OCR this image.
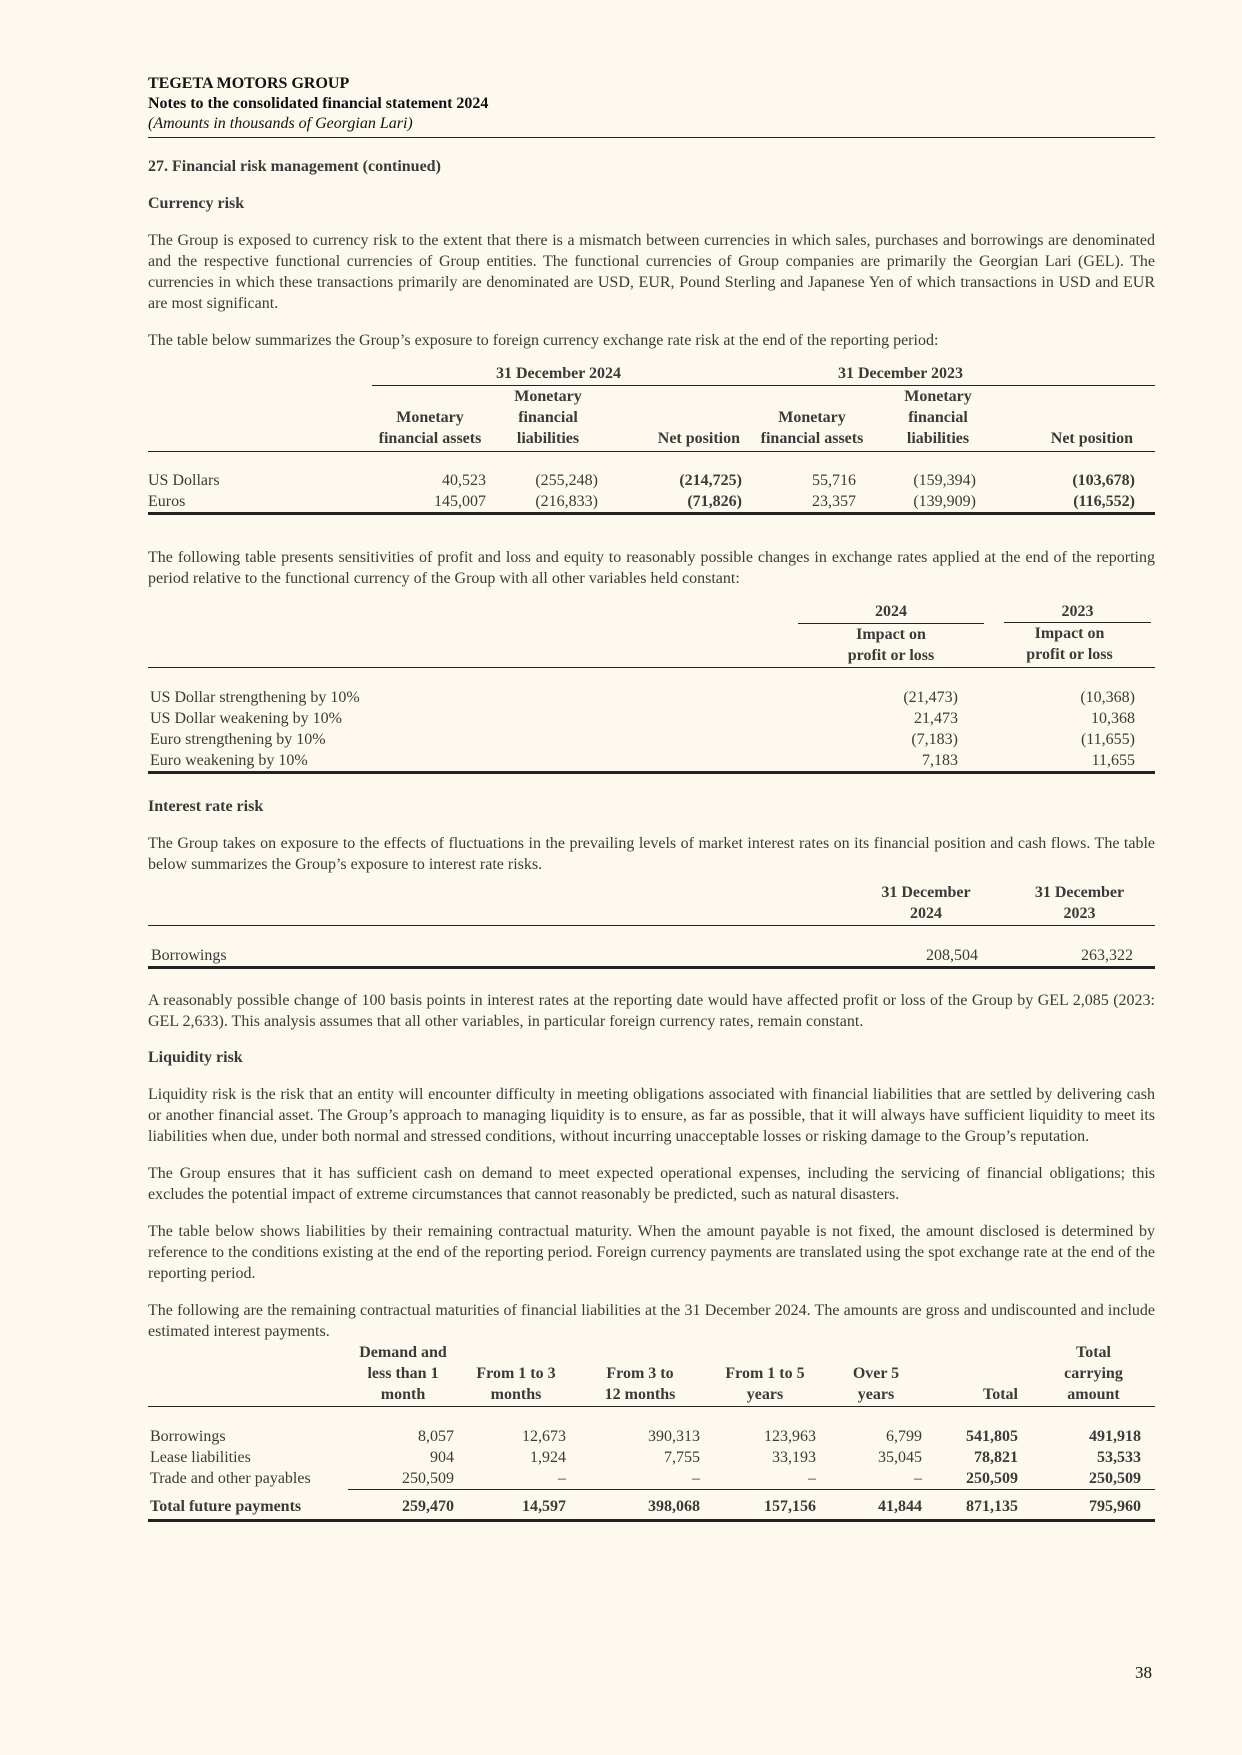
TEGETA MOTORS GROUP
Notes to the consolidated financial statement 2024
(Amounts in thousands of Georgian Lari)
27. Financial risk management (continued)
Currency risk

The Group is exposed to currency risk to the extent that there is a mismatch between currencies in which sales, purchases and borrowings are denominated and the respective functional currencies of Group entities. The functional currencies of Group companies are primarily the Georgian Lari (GEL). The currencies in which these transactions primarily are denominated are USD, EUR, Pound Sterling and Japanese Yen of which transactions in USD and EUR are most significant.

The table below summarizes the Group’s exposure to foreign currency exchange rate risk at the end of the reporting period:

	31 December 2024			31 December 2023		
	Monetary financial assets	Monetary financial liabilities	Net position	Monetary financial assets	Monetary financial liabilities	Net position

US Dollars	40,523	(255,248)	(214,725)	55,716	(159,394)	(103,678)
Euros	145,007	(216,833)	(71,826)	23,357	(139,909)	(116,552)

The following table presents sensitivities of profit and loss and equity to reasonably possible changes in exchange rates applied at the end of the reporting period relative to the functional currency of the Group with all other variables held constant:

	2024	2023

	Impact on profit or loss	Impact on profit or loss

US Dollar strengthening by 10%	(21,473)	(10,368)
US Dollar weakening by 10%	21,473	10,368
Euro strengthening by 10%	(7,183)	(11,655)
Euro weakening by 10%	7,183	11,655
Interest rate risk

The Group takes on exposure to the effects of fluctuations in the prevailing levels of market interest rates on its financial position and cash flows. The table below summarizes the Group’s exposure to interest rate risks.

	31 December 2024	31 December 2023

Borrowings	208,504	263,322

A reasonably possible change of 100 basis points in interest rates at the reporting date would have affected profit or loss of the Group by GEL 2,085 (2023: GEL 2,633). This analysis assumes that all other variables, in particular foreign currency rates, remain constant.

Liquidity risk

Liquidity risk is the risk that an entity will encounter difficulty in meeting obligations associated with financial liabilities that are settled by delivering cash or another financial asset. The Group’s approach to managing liquidity is to ensure, as far as possible, that it will always have sufficient liquidity to meet its liabilities when due, under both normal and stressed conditions, without incurring unacceptable losses or risking damage to the Group’s reputation.

The Group ensures that it has sufficient cash on demand to meet expected operational expenses, including the servicing of financial obligations; this excludes the potential impact of extreme circumstances that cannot reasonably be predicted, such as natural disasters.

The table below shows liabilities by their remaining contractual maturity. When the amount payable is not fixed, the amount disclosed is determined by reference to the conditions existing at the end of the reporting period. Foreign currency payments are translated using the spot exchange rate at the end of the reporting period.

The following are the remaining contractual maturities of financial liabilities at the 31 December 2024. The amounts are gross and undiscounted and include estimated interest payments.

	Demand and less than 1 month	From 1 to 3 months	From 3 to 12 months	From 1 to 5 years	Over 5 years	Total	Total carrying amount

Borrowings	8,057	12,673	390,313	123,963	6,799	541,805	491,918
Lease liabilities	904	1,924	7,755	33,193	35,045	78,821	53,533
Trade and other payables	250,509	–	–	–	–	250,509	250,509

Total future payments	259,470	14,597	398,068	157,156	41,844	871,135	795,960
38
